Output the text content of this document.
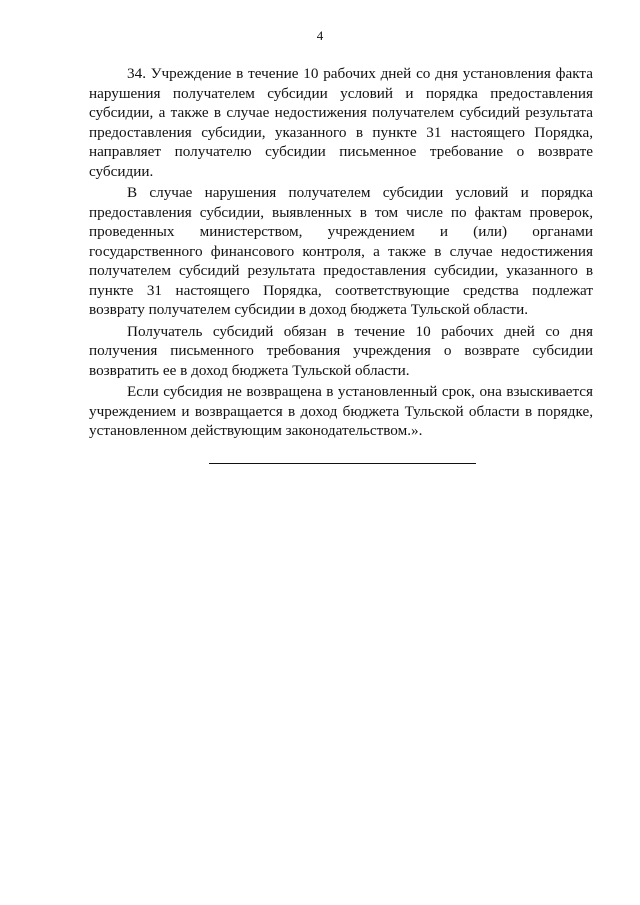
4

34. Учреждение в течение 10 рабочих дней со дня установления факта нарушения получателем субсидии условий и порядка предоставления субсидии, а также в случае недостижения получателем субсидий результата предоставления субсидии, указанного в пункте 31 настоящего Порядка, направляет получателю субсидии письменное требование о возврате субсидии.

В случае нарушения получателем субсидии условий и порядка предоставления субсидии, выявленных в том числе по фактам проверок, проведенных министерством, учреждением и (или) органами государственного финансового контроля, а также в случае недостижения получателем субсидий результата предоставления субсидии, указанного в пункте 31 настоящего Порядка, соответствующие средства подлежат возврату получателем субсидии в доход бюджета Тульской области.

Получатель субсидий обязан в течение 10 рабочих дней со дня получения письменного требования учреждения о возврате субсидии возвратить ее в доход бюджета Тульской области.

Если субсидия не возвращена в установленный срок, она взыскивается учреждением и возвращается в доход бюджета Тульской области в порядке, установленном действующим законодательством.».
